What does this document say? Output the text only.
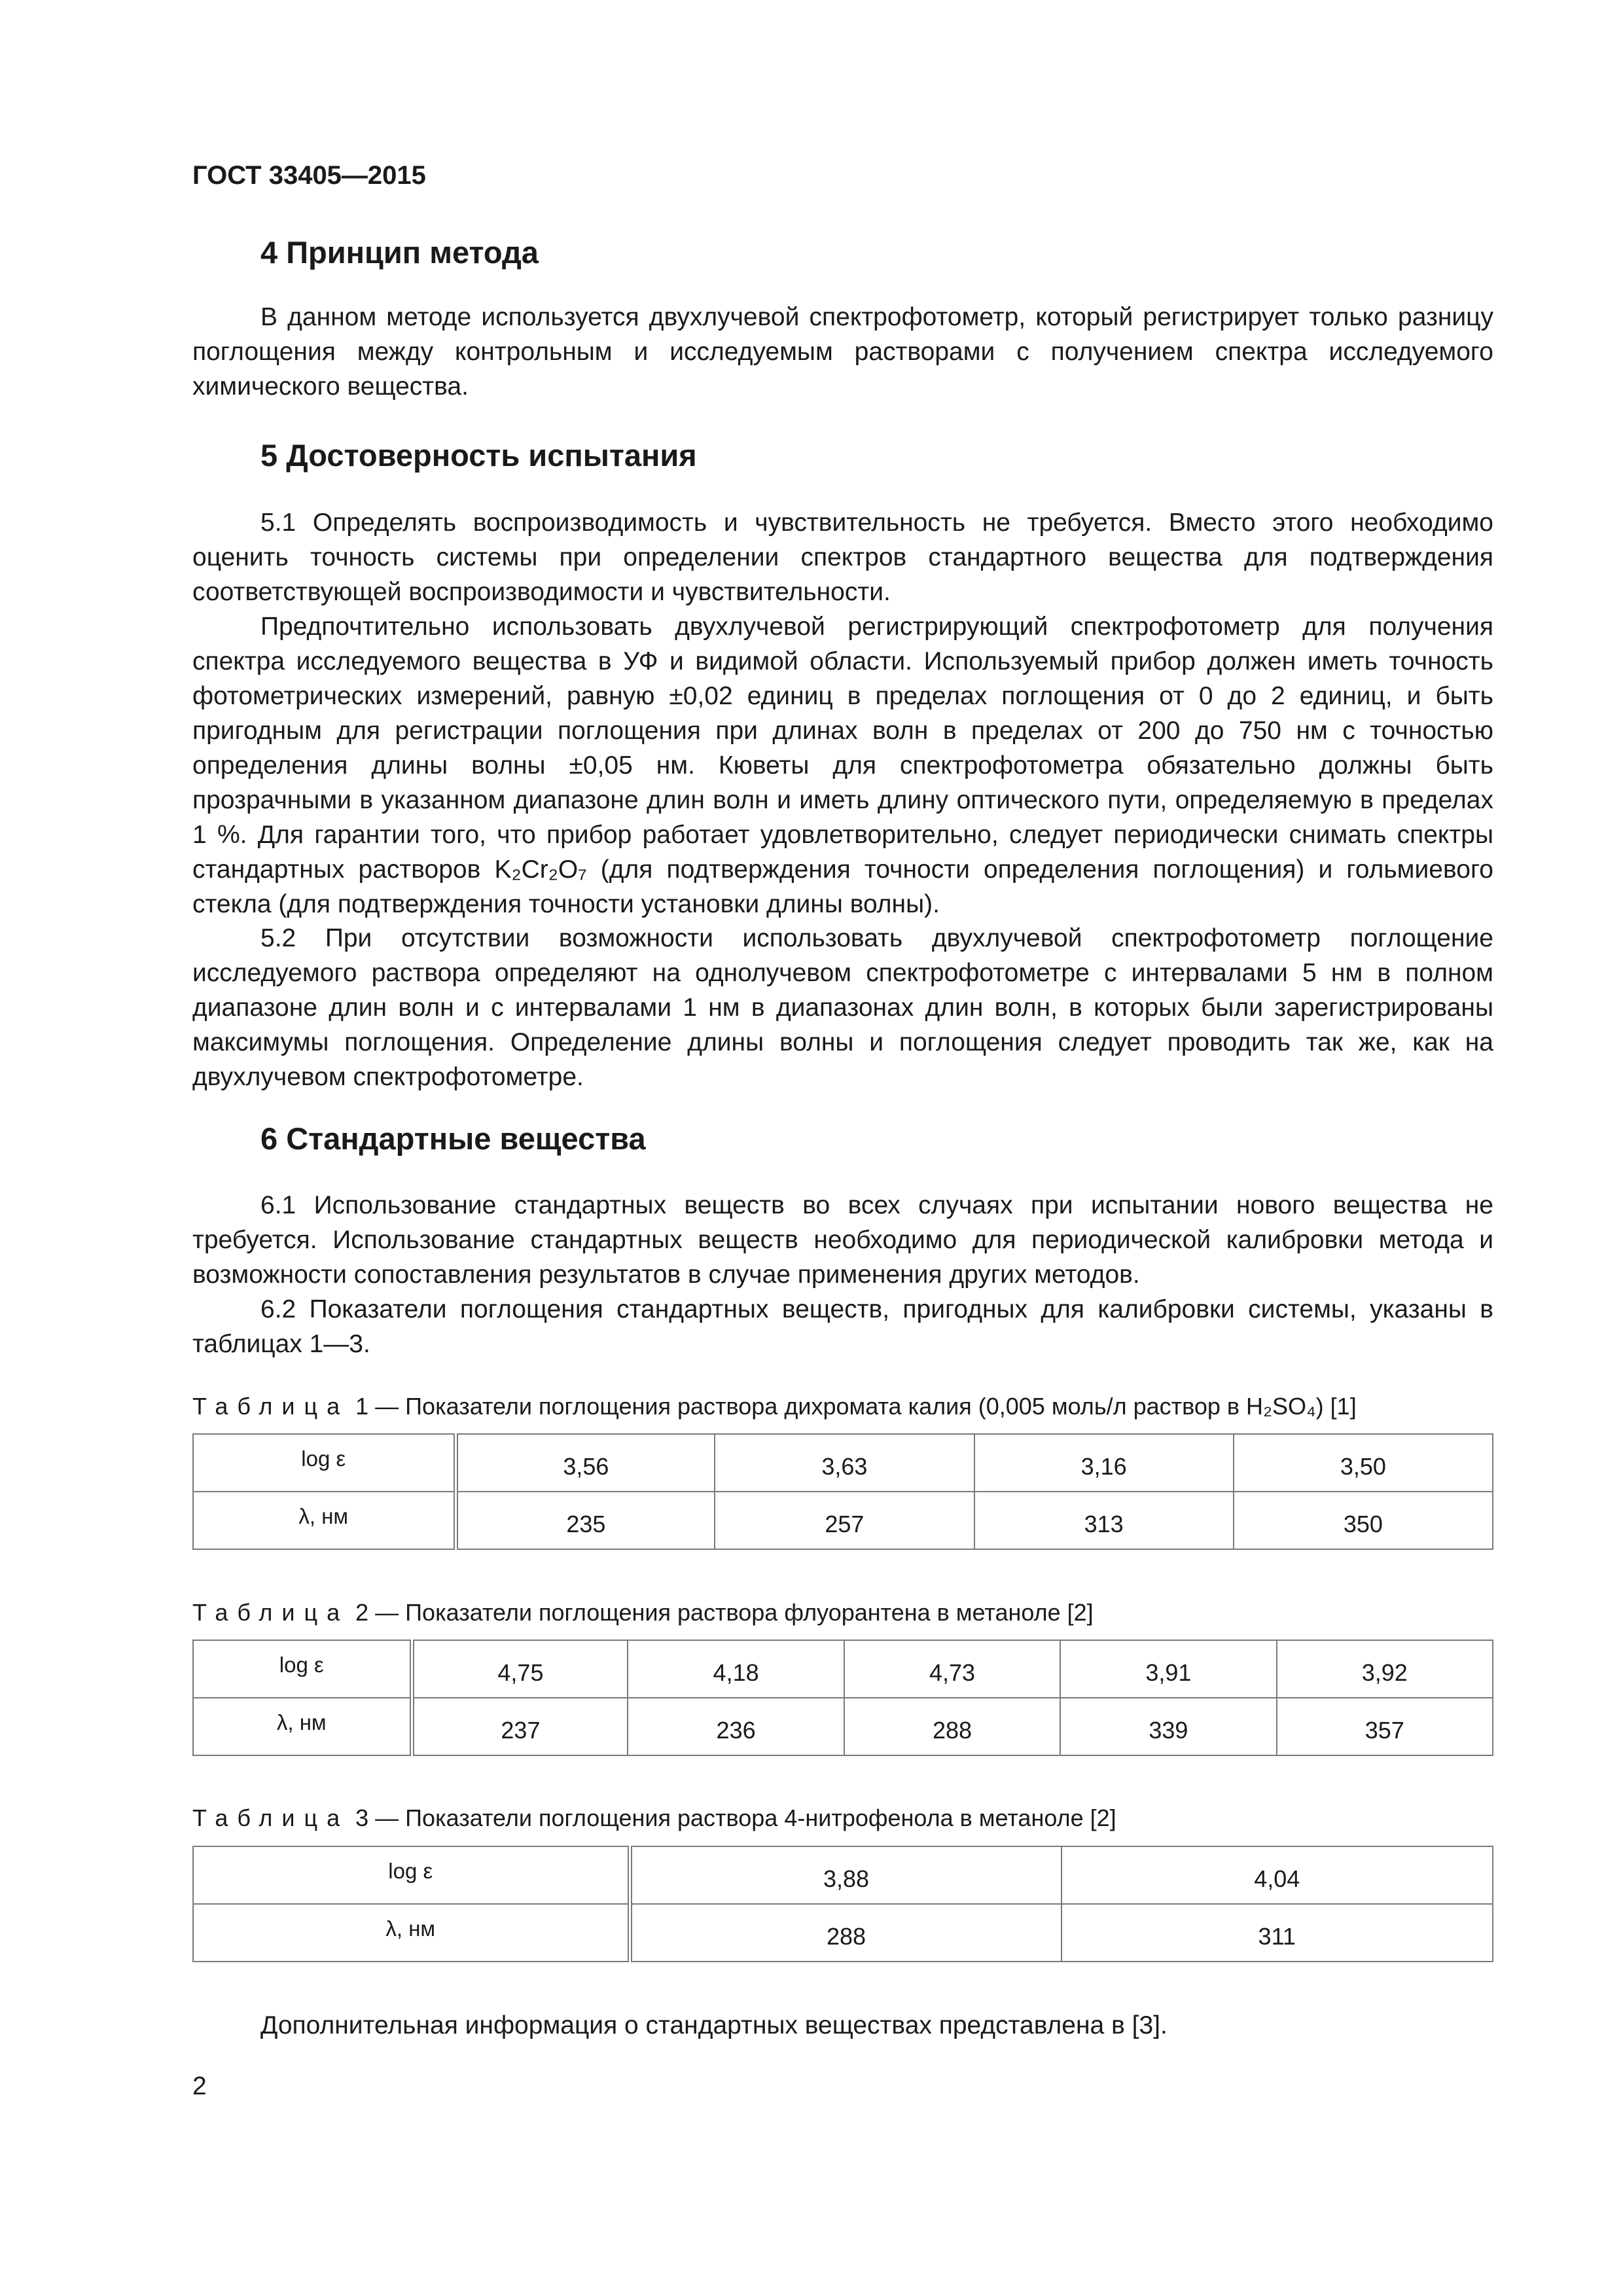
ГОСТ 33405—2015
4 Принцип метода

В данном методе используется двухлучевой спектрофотометр, который регистрирует только разницу поглощения между контрольным и исследуемым растворами с получением спектра исследуемого химического вещества.

5 Достоверность испытания

5.1 Определять воспроизводимость и чувствительность не требуется. Вместо этого необходимо оценить точность системы при определении спектров стандартного вещества для подтверждения соответствующей воспроизводимости и чувствительности.

Предпочтительно использовать двухлучевой регистрирующий спектрофотометр для получения спектра исследуемого вещества в УФ и видимой области. Используемый прибор должен иметь точность фотометрических измерений, равную ±0,02 единиц в пределах поглощения от 0 до 2 единиц, и быть пригодным для регистрации поглощения при длинах волн в пределах от 200 до 750 нм с точностью определения длины волны ±0,05 нм. Кюветы для спектрофотометра обязательно должны быть прозрачными в указанном диапазоне длин волн и иметь длину оптического пути, определяемую в пределах 1 %. Для гарантии того, что прибор работает удовлетворительно, следует периодически снимать спектры стандартных растворов K₂Cr₂O₇ (для подтверждения точности определения поглощения) и гольмиевого стекла (для подтверждения точности установки длины волны).

5.2 При отсутствии возможности использовать двухлучевой спектрофотометр поглощение исследуемого раствора определяют на однолучевом спектрофотометре с интервалами 5 нм в полном диапазоне длин волн и с интервалами 1 нм в диапазонах длин волн, в которых были зарегистрированы максимумы поглощения. Определение длины волны и поглощения следует проводить так же, как на двухлучевом спектрофотометре.

6 Стандартные вещества

6.1 Использование стандартных веществ во всех случаях при испытании нового вещества не требуется. Использование стандартных веществ необходимо для периодической калибровки метода и возможности сопоставления результатов в случае применения других методов.

6.2 Показатели поглощения стандартных веществ, пригодных для калибровки системы, указаны в таблицах 1—3.

Таблица 1 — Показатели поглощения раствора дихромата калия (0,005 моль/л раствор в H₂SO₄) [1]
log ε	3,56	3,63	3,16	3,50
λ, нм	235	257	313	350
Таблица 2 — Показатели поглощения раствора флуорантена в метаноле [2]
log ε	4,75	4,18	4,73	3,91	3,92
λ, нм	237	236	288	339	357
Таблица 3 — Показатели поглощения раствора 4-нитрофенола в метаноле [2]
log ε	3,88	4,04
λ, нм	288	311

Дополнительная информация о стандартных веществах представлена в [3].

2
